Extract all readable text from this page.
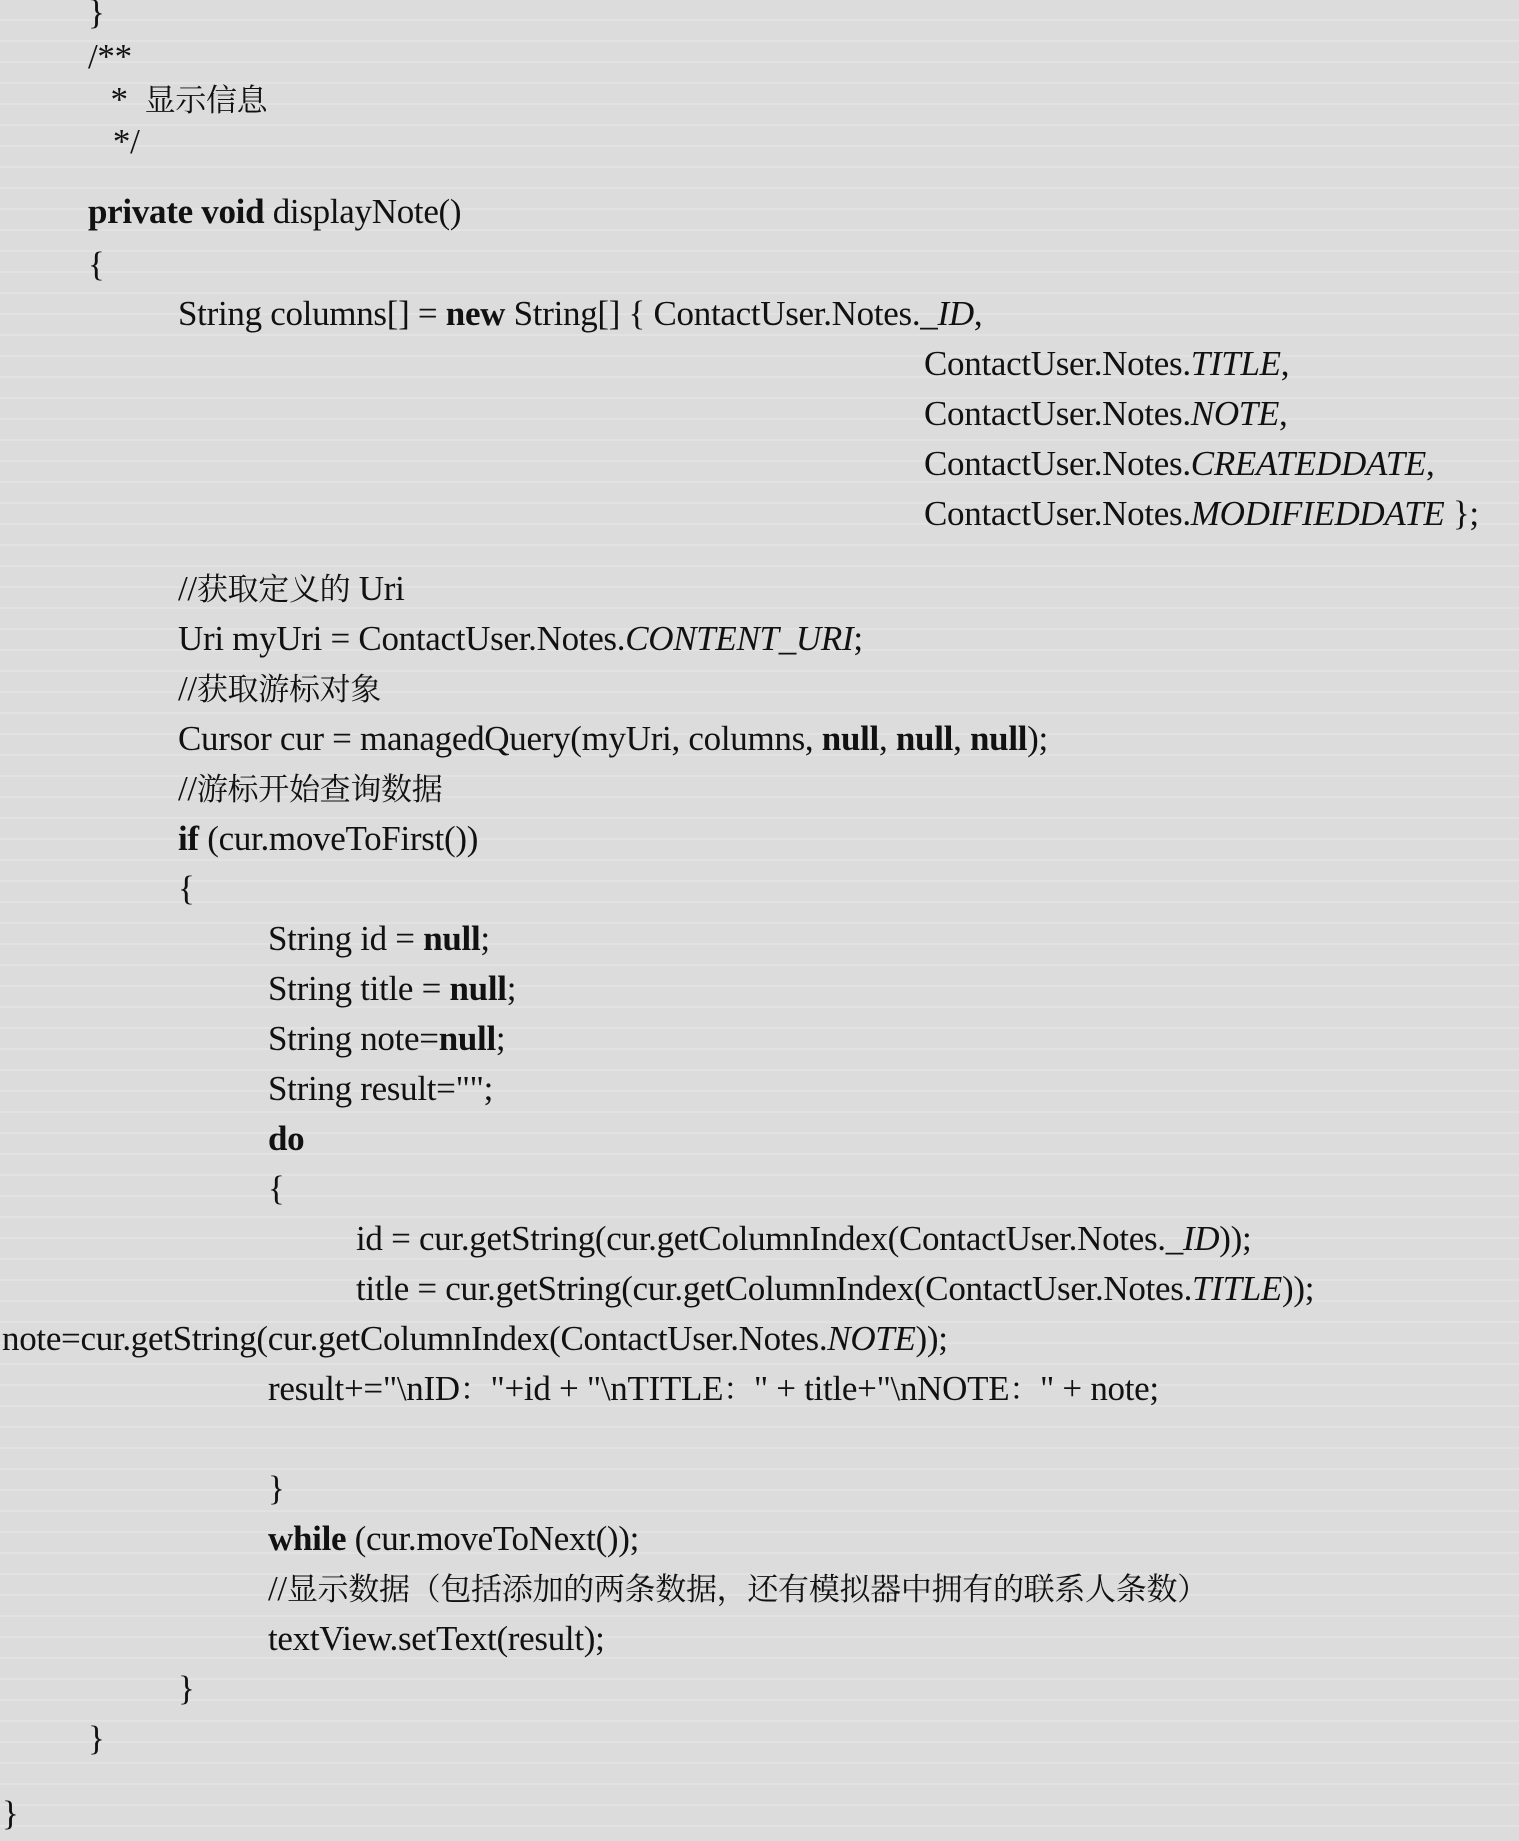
}
/**
*  显示信息
*/
private void displayNote()
{
String columns[] = new String[] { ContactUser.Notes._ID,
ContactUser.Notes.TITLE,
ContactUser.Notes.NOTE,
ContactUser.Notes.CREATEDDATE,
ContactUser.Notes.MODIFIEDDATE };
//获取定义的 Uri
Uri myUri = ContactUser.Notes.CONTENT_URI;
//获取游标对象
Cursor cur = managedQuery(myUri, columns, null, null, null);
//游标开始查询数据
if (cur.moveToFirst())
{
String id = null;
String title = null;
String note=null;
String result="";
do
{
id = cur.getString(cur.getColumnIndex(ContactUser.Notes._ID));
title = cur.getString(cur.getColumnIndex(ContactUser.Notes.TITLE));
note=cur.getString(cur.getColumnIndex(ContactUser.Notes.NOTE));
result+="\nID："+id + "\nTITLE：" + title+"\nNOTE：" + note;
}
while (cur.moveToNext());
//显示数据（包括添加的两条数据，还有模拟器中拥有的联系人条数）
textView.setText(result);
}
}
}
